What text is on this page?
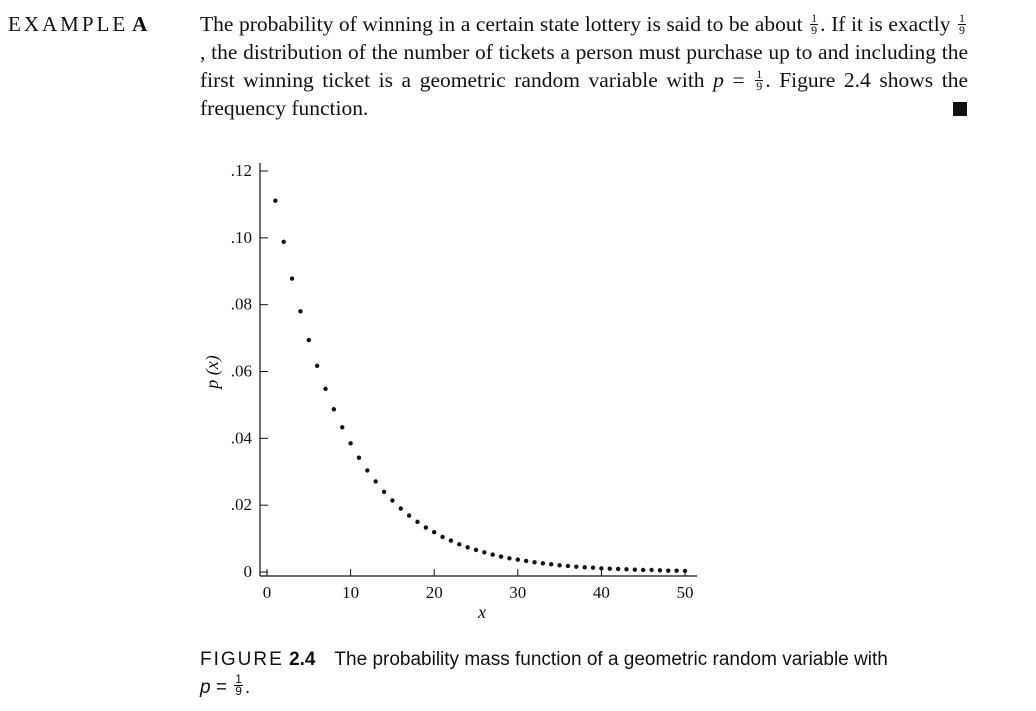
EXAMPLE A The probability of winning in a certain state lottery is said to be about $\frac{1}{9}$ . If it is exactly $\frac{1}{9}$
, the distribution of the number of tickets a person must purchase up to and including the first winning ticket is a geometric random variable with $p = \frac{1}{9}$ . Figure 2.4 shows the frequency function.
0	10	20	30	40	50
0
.02
.04
.06
.08
.10
.12
x
p (x)
FIGURE 2.4 The probability mass function of a geometric random variable with
$p = \frac{1}{9}$ .
